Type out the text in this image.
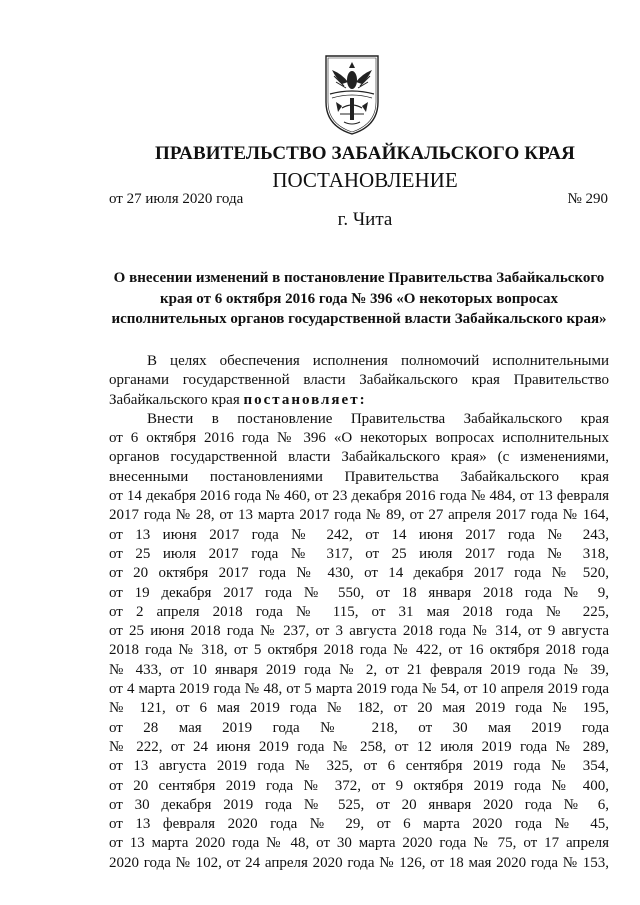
ПРАВИТЕЛЬСТВО ЗАБАЙКАЛЬСКОГО КРАЯ
ПОСТАНОВЛЕНИЕ
от 27 июля 2020 года	№ 290
г. Чита
О внесении изменений в постановление Правительства Забайкальского
края от 6 октября 2016 года № 396 «О некоторых вопросах
исполнительных органов государственной власти Забайкальского края»
В целях обеспечения исполнения полномочий исполнительными
органами государственной власти Забайкальского края Правительство
Забайкальского края постановляет:
Внести в постановление Правительства Забайкальского края
от 6 октября 2016 года № 396 «О некоторых вопросах исполнительных
органов государственной власти Забайкальского края» (с изменениями,
внесенными постановлениями Правительства Забайкальского края
от 14 декабря 2016 года № 460, от 23 декабря 2016 года № 484, от 13 февраля
2017 года № 28, от 13 марта 2017 года № 89, от 27 апреля 2017 года № 164,
от 13 июня 2017 года № 242, от 14 июня 2017 года № 243,
от 25 июля 2017 года № 317, от 25 июля 2017 года № 318,
от 20 октября 2017 года № 430, от 14 декабря 2017 года № 520,
от 19 декабря 2017 года № 550, от 18 января 2018 года № 9,
от 2 апреля 2018 года № 115, от 31 мая 2018 года № 225,
от 25 июня 2018 года № 237, от 3 августа 2018 года № 314, от 9 августа
2018 года № 318, от 5 октября 2018 года № 422, от 16 октября 2018 года
№ 433, от 10 января 2019 года № 2, от 21 февраля 2019 года № 39,
от 4 марта 2019 года № 48, от 5 марта 2019 года № 54, от 10 апреля 2019 года
№ 121, от 6 мая 2019 года № 182, от 20 мая 2019 года № 195,
от 28 мая 2019 года № 218, от 30 мая 2019 года
№ 222, от 24 июня 2019 года № 258, от 12 июля 2019 года № 289,
от 13 августа 2019 года № 325, от 6 сентября 2019 года № 354,
от 20 сентября 2019 года № 372, от 9 октября 2019 года № 400,
от 30 декабря 2019 года № 525, от 20 января 2020 года № 6,
от 13 февраля 2020 года № 29, от 6 марта 2020 года № 45,
от 13 марта 2020 года № 48, от 30 марта 2020 года № 75, от 17 апреля
2020 года № 102, от 24 апреля 2020 года № 126, от 18 мая 2020 года № 153,
